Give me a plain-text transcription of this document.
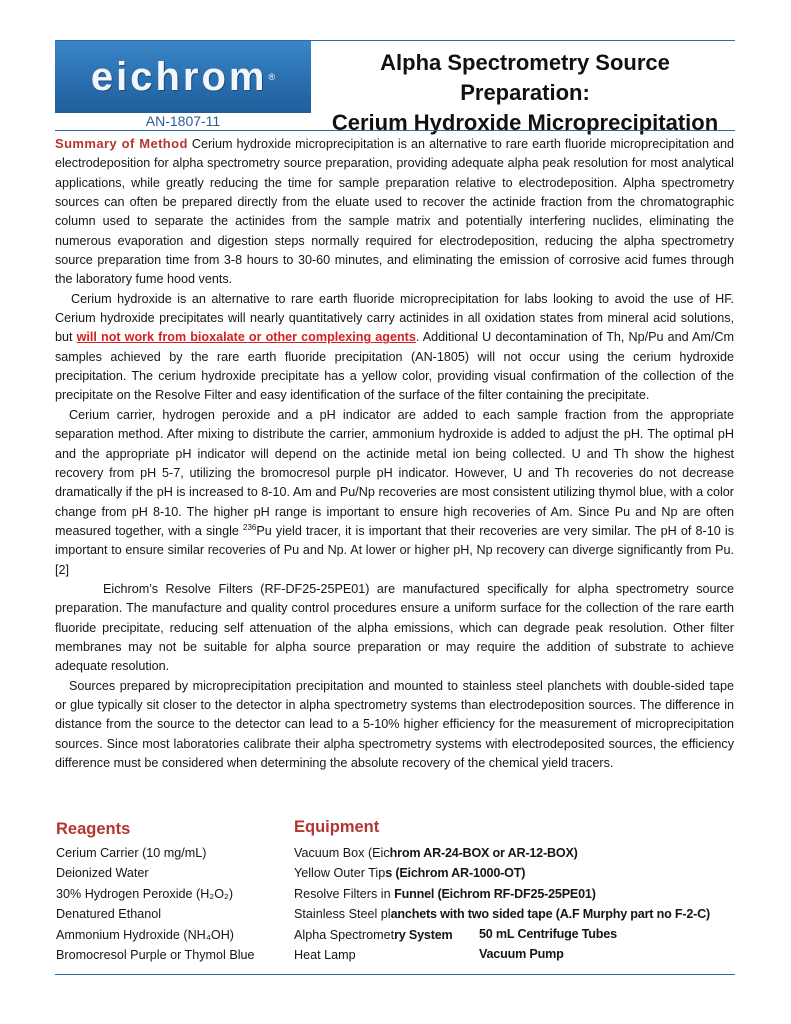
eichrom ®
AN-1807-11
Alpha Spectrometry Source Preparation:
Cerium Hydroxide Microprecipitation

Summary of Method Cerium hydroxide microprecipitation is an alternative to rare earth fluoride microprecipitation and electrodeposition for alpha spectrometry source preparation, providing adequate alpha peak resolution for most analytical applications, while greatly reducing the time for sample preparation relative to electrodeposition. Alpha spectrometry sources can often be prepared directly from the eluate used to recover the actinide fraction from the chromatographic column used to separate the actinides from the sample matrix and potentially interfering nuclides, eliminating the numerous evaporation and digestion steps normally required for electrodeposition, reducing the alpha spectrometry source preparation time from 3-8 hours to 30-60 minutes, and eliminating the emission of corrosive acid fumes through the laboratory fume hood vents.

Cerium hydroxide is an alternative to rare earth fluoride microprecipitation for labs looking to avoid the use of HF. Cerium hydroxide precipitates will nearly quantitatively carry actinides in all oxidation states from mineral acid solutions, but will not work from bioxalate or other complexing agents. Additional U decontamination of Th, Np/Pu and Am/Cm samples achieved by the rare earth fluoride precipitation (AN-1805) will not occur using the cerium hydroxide precipitation. The cerium hydroxide precipitate has a yellow color, providing visual confirmation of the collection of the precipitate on the Resolve Filter and easy identification of the surface of the filter containing the precipitate.

Cerium carrier, hydrogen peroxide and a pH indicator are added to each sample fraction from the appropriate separation method. After mixing to distribute the carrier, ammonium hydroxide is added to adjust the pH. The optimal pH and the appropriate pH indicator will depend on the actinide metal ion being collected. U and Th show the highest recovery from pH 5-7, utilizing the bromocresol purple pH indicator. However, U and Th recoveries do not decrease dramatically if the pH is increased to 8-10. Am and Pu/Np recoveries are most consistent utilizing thymol blue, with a color change from pH 8-10. The higher pH range is important to ensure high recoveries of Am. Since Pu and Np are often measured together, with a single $^{236}$Pu yield tracer, it is important that their recoveries are very similar. The pH of 8-10 is important to ensure similar recoveries of Pu and Np. At lower or higher pH, Np recovery can diverge significantly from Pu. [2]

Eichrom’s Resolve Filters (RF-DF25-25PE01) are manufactured specifically for alpha spectrometry source preparation. The manufacture and quality control procedures ensure a uniform surface for the collection of the rare earth fluoride precipitate, reducing self attenuation of the alpha emissions, which can degrade peak resolution. Other filter membranes may not be suitable for alpha source preparation or may require the addition of substrate to achieve adequate resolution.

Sources prepared by microprecipitation precipitation and mounted to stainless steel planchets with double-sided tape or glue typically sit closer to the detector in alpha spectrometry systems than electrodeposition sources. The difference in distance from the source to the detector can lead to a 5-10% higher efficiency for the measurement of microprecipitation sources. Since most laboratories calibrate their alpha spectrometry systems with electrodeposited sources, the efficiency difference must be considered when determining the absolute recovery of the chemical yield tracers.

Reagents
Cerium Carrier (10 mg/mL)
Deionized Water
30% Hydrogen Peroxide (H₂O₂)
Denatured Ethanol
Ammonium Hydroxide (NH₄OH)
Bromocresol Purple or Thymol Blue
Equipment
Vacuum Box (Eichrom AR-24-BOX or AR-12-BOX)
Yellow Outer Tips (Eichrom AR-1000-OT)
Resolve Filters in Funnel (Eichrom RF-DF25-25PE01)
Stainless Steel planchets with two sided tape (A.F Murphy part no F-2-C)
Alpha Spectrometry System
Heat Lamp
50 mL Centrifuge Tubes
Vacuum Pump
